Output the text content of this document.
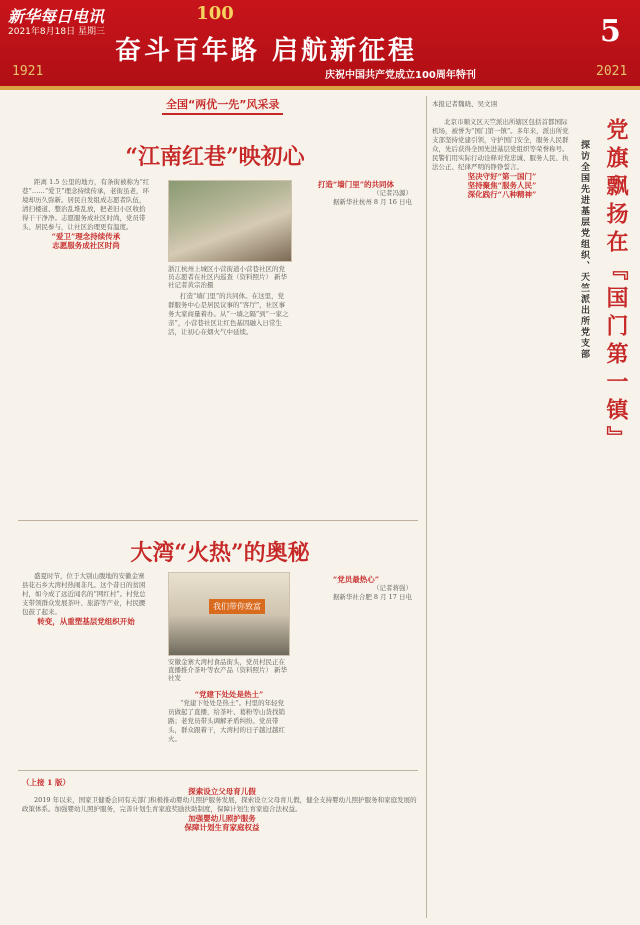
新华每日电讯
2021年8月18日 星期三
100
奋斗百年路 启航新征程
1921	2021
庆祝中国共产党成立100周年特刊
5
全国“两优一先”风采录
“江南红巷”映初心

距离 1.5 公里的地方，有条街被称为“红巷”……“爱卫”理念持续传承，老街虽老，环境却历久弥新。居民自发组成志愿者队伍，清扫楼道、整治乱堆乱放，把老旧小区收拾得干干净净。志愿服务成社区时尚，党员带头、居民参与，让社区治理更有温度。

“爱卫”理念持续传承

志愿服务成社区时尚

浙江杭州上城区小营街道小营巷社区的党员志愿者在社区内巡查（资料照片） 新华社记者黄宗治摄

打造“墙门里”的共同体。在这里，党群服务中心是居民议事的“客厅”，社区事务大家商量着办。从“一墙之隔”到“一家之亲”，小营巷社区让红色基因融入日常生活，让初心在烟火气中延续。

打造“墙门里”的共同体

（记者冯源）

据新华社杭州 8 月 16 日电

大湾“火热”的奥秘

盛夏时节，位于大别山腹地的安徽金寨县花石乡大湾村热闹非凡。这个昔日的贫困村，如今成了远近闻名的“网红村”。村党总支带领群众发展茶叶、旅游等产业，村民腰包鼓了起来。

转变，从重塑基层党组织开始

我们带你致富
安徽金寨大湾村食品街头，党员村民正在直播推介茶叶等农产品（资料照片） 新华社发

“党建下处处是热土”

“党建下处处是热土”。村里的年轻党员做起了直播，给茶叶、葛粉等山货找销路；老党员带头调解矛盾纠纷。党员带头，群众跟着干，大湾村的日子越过越红火。

“党员最热心”

（记者蒋强）

据新华社合肥 8 月 17 日电

（上接 1 版）

探索设立父母育儿假

2019 年以来，国家卫健委会同有关部门积极推动婴幼儿照护服务发展，探索设立父母育儿假，健全支持婴幼儿照护服务和家庭发展的政策体系。加强婴幼儿照护服务，完善计划生育家庭奖励扶助制度，保障计划生育家庭合法权益。

加强婴幼儿照护服务

保障计划生育家庭权益

本报记者魏晓、吴文诩
党旗飘扬在『国门第一镇』
探访全国先进基层党组织、天竺派出所党支部

北京市顺义区天竺派出所辖区包括首都国际机场，被誉为“国门第一镇”。多年来，派出所党支部坚持党建引领，守护国门安全，服务人民群众，先后获得全国先进基层党组织等荣誉称号。民警们用实际行动诠释对党忠诚、服务人民、执法公正、纪律严明的铮铮誓言。

坚决守好“第一国门”

坚持聚焦“服务人民”

深化践行“八种精神”
